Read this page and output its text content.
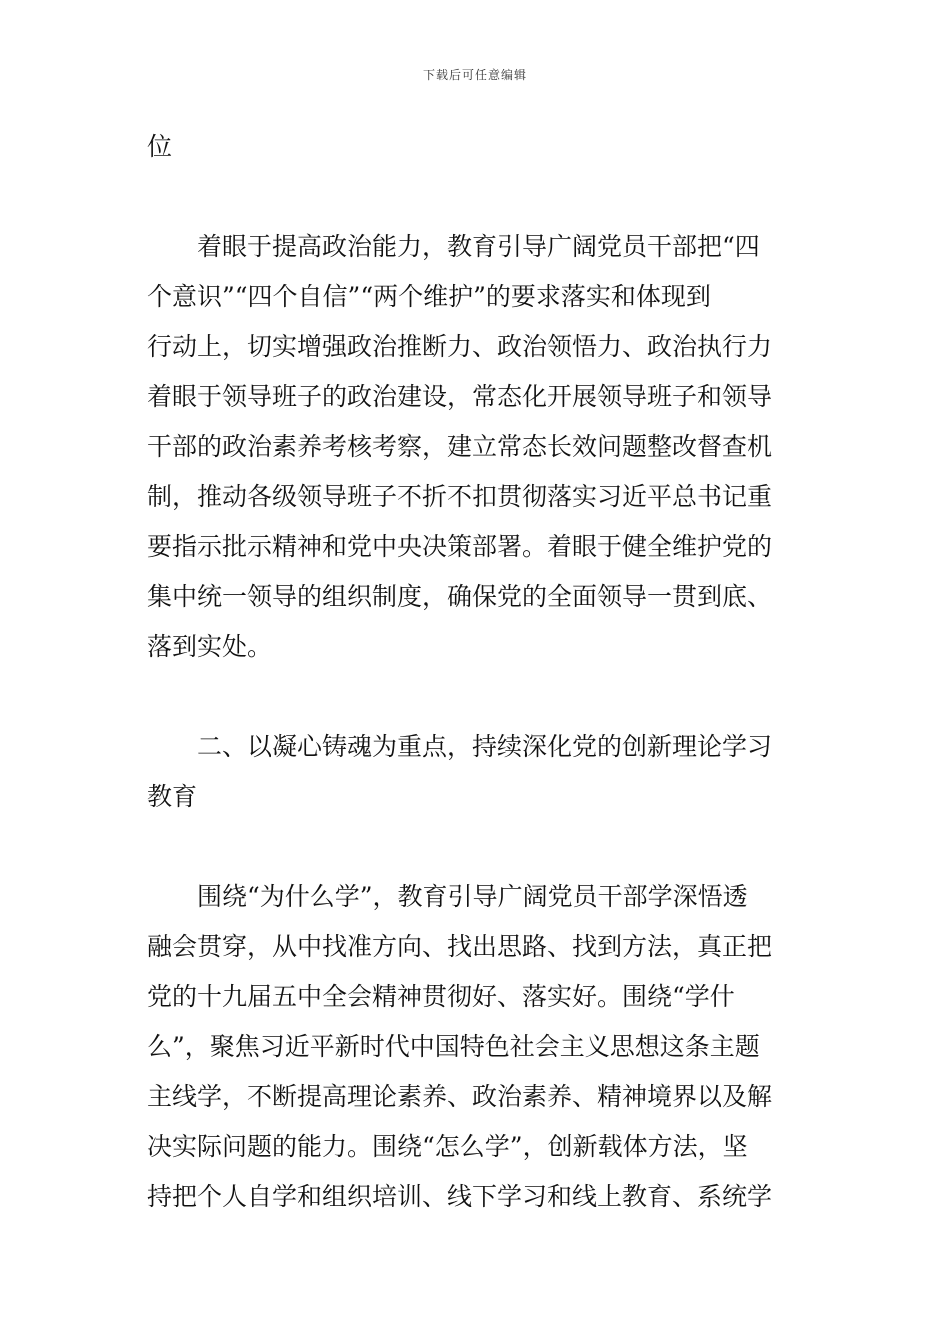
下载后可任意编辑
位
着眼于提高政治能力，教育引导广阔党员干部把“四
个意识”“四个自信”“两个维护”的要求落实和体现到
行动上，切实增强政治推断力、政治领悟力、政治执行力
着眼于领导班子的政治建设，常态化开展领导班子和领导
干部的政治素养考核考察，建立常态长效问题整改督查机
制，推动各级领导班子不折不扣贯彻落实习近平总书记重
要指示批示精神和党中央决策部署。着眼于健全维护党的
集中统一领导的组织制度，确保党的全面领导一贯到底、
落到实处。
二、以凝心铸魂为重点，持续深化党的创新理论学习
教育
围绕“为什么学”，教育引导广阔党员干部学深悟透
融会贯穿，从中找准方向、找出思路、找到方法，真正把
党的十九届五中全会精神贯彻好、落实好。围绕“学什
么”，聚焦习近平新时代中国特色社会主义思想这条主题
主线学，不断提高理论素养、政治素养、精神境界以及解
决实际问题的能力。围绕“怎么学”，创新载体方法，坚
持把个人自学和组织培训、线下学习和线上教育、系统学
